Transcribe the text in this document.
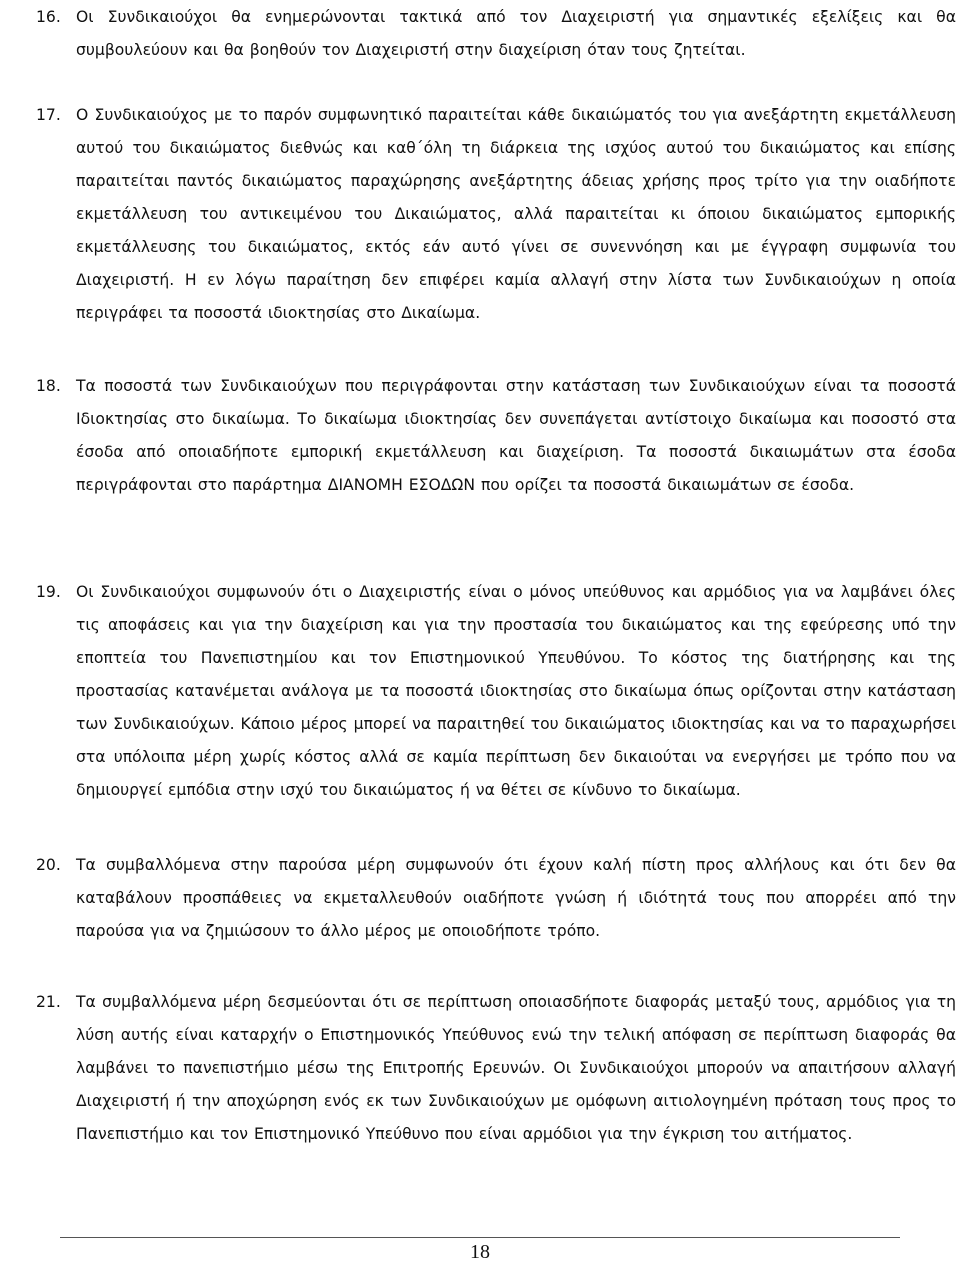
16. Οι Συνδικαιούχοι θα ενημερώνονται τακτικά από τον Διαχειριστή για σημαντικές εξελίξεις και θα συμβουλεύουν και θα βοηθούν τον Διαχειριστή στην διαχείριση όταν τους ζητείται.
17. Ο Συνδικαιούχος με το παρόν συμφωνητικό παραιτείται κάθε δικαιώματός του για ανεξάρτητη εκμετάλλευση αυτού του δικαιώματος διεθνώς και καθ΄όλη τη διάρκεια της ισχύος αυτού του δικαιώματος και επίσης παραιτείται παντός δικαιώματος παραχώρησης ανεξάρτητης άδειας χρήσης προς τρίτο για την οιαδήποτε εκμετάλλευση του αντικειμένου του Δικαιώματος, αλλά παραιτείται κι όποιου δικαιώματος εμπορικής εκμετάλλευσης του δικαιώματος, εκτός εάν αυτό γίνει σε συνεννόηση και με έγγραφη συμφωνία του Διαχειριστή. Η εν λόγω παραίτηση δεν επιφέρει καμία αλλαγή στην λίστα των Συνδικαιούχων η οποία περιγράφει τα ποσοστά ιδιοκτησίας στο Δικαίωμα.
18. Τα ποσοστά των Συνδικαιούχων που περιγράφονται στην κατάσταση των Συνδικαιούχων είναι τα ποσοστά Ιδιοκτησίας στο δικαίωμα. Το δικαίωμα ιδιοκτησίας δεν συνεπάγεται αντίστοιχο δικαίωμα και ποσοστό στα έσοδα από οποιαδήποτε εμπορική εκμετάλλευση και διαχείριση. Τα ποσοστά δικαιωμάτων στα έσοδα περιγράφονται στο παράρτημα ΔΙΑΝΟΜΗ ΕΣΟΔΩΝ που ορίζει τα ποσοστά δικαιωμάτων σε έσοδα.
19. Οι Συνδικαιούχοι συμφωνούν ότι ο Διαχειριστής είναι ο μόνος υπεύθυνος και αρμόδιος για να λαμβάνει όλες τις αποφάσεις και για την διαχείριση και για την προστασία του δικαιώματος και της εφεύρεσης υπό την εποπτεία του Πανεπιστημίου και τον Επιστημονικού Υπευθύνου. Το κόστος της διατήρησης και της προστασίας κατανέμεται ανάλογα με τα ποσοστά ιδιοκτησίας στο δικαίωμα όπως ορίζονται στην κατάσταση των Συνδικαιούχων. Κάποιο μέρος μπορεί να παραιτηθεί του δικαιώματος ιδιοκτησίας και να το παραχωρήσει στα υπόλοιπα μέρη χωρίς κόστος αλλά σε καμία περίπτωση δεν δικαιούται να ενεργήσει με τρόπο που να δημιουργεί εμπόδια στην ισχύ του δικαιώματος ή να θέτει σε κίνδυνο το δικαίωμα.
20. Τα συμβαλλόμενα στην παρούσα μέρη συμφωνούν ότι έχουν καλή πίστη προς αλλήλους και ότι δεν θα καταβάλουν προσπάθειες να εκμεταλλευθούν οιαδήποτε γνώση ή ιδιότητά τους που απορρέει από την παρούσα για να ζημιώσουν το άλλο μέρος με οποιοδήποτε τρόπο.
21. Τα συμβαλλόμενα μέρη δεσμεύονται ότι σε περίπτωση οποιασδήποτε διαφοράς μεταξύ τους, αρμόδιος για τη λύση αυτής είναι καταρχήν ο Επιστημονικός Υπεύθυνος ενώ την τελική απόφαση σε περίπτωση διαφοράς θα λαμβάνει το πανεπιστήμιο μέσω της Επιτροπής Ερευνών. Οι Συνδικαιούχοι μπορούν να απαιτήσουν αλλαγή Διαχειριστή ή την αποχώρηση ενός εκ των Συνδικαιούχων με ομόφωνη αιτιολογημένη πρόταση τους προς το Πανεπιστήμιο και τον Επιστημονικό Υπεύθυνο που είναι αρμόδιοι για την έγκριση του αιτήματος.
18
